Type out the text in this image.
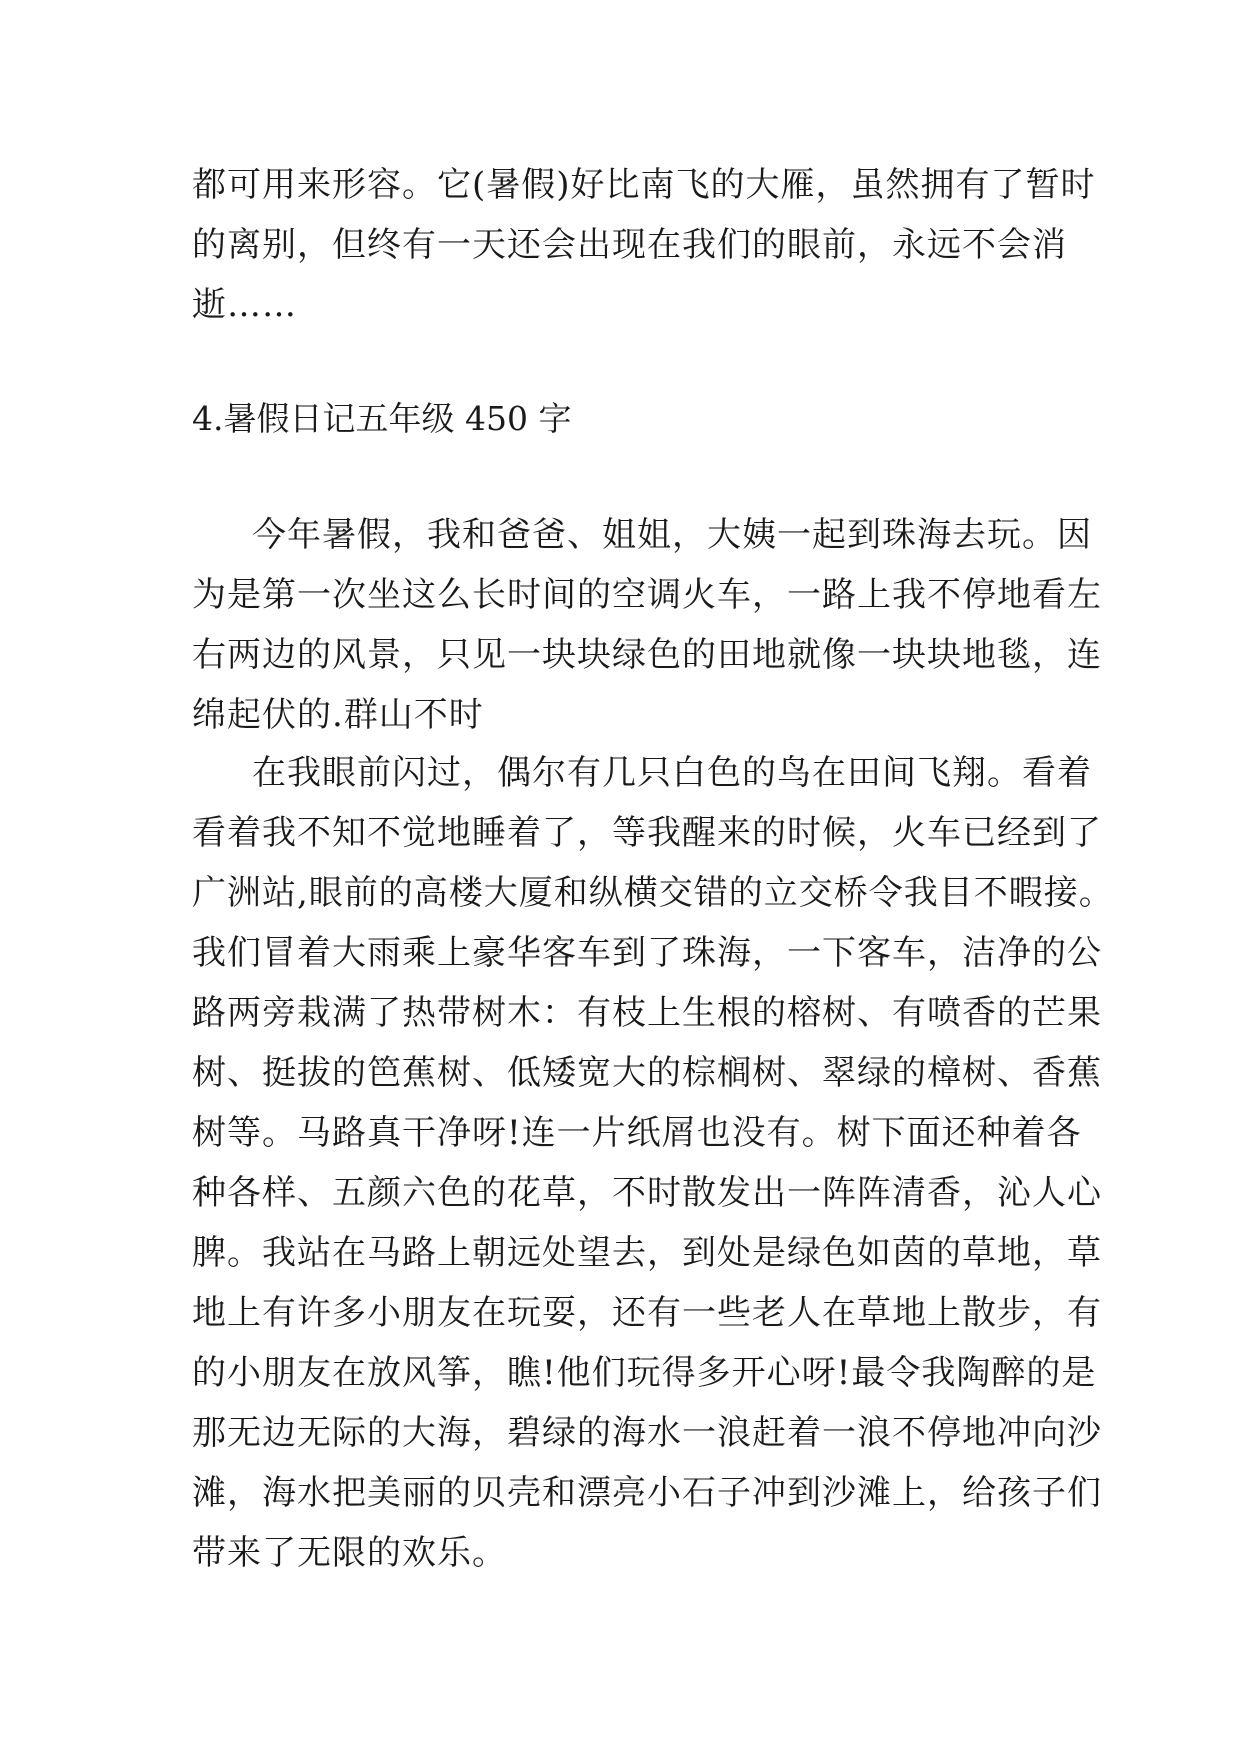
都可用来形容。它(暑假)好比南飞的大雁，虽然拥有了暂时
的离别，但终有一天还会出现在我们的眼前，永远不会消
逝……
4.暑假日记五年级 450 字
今年暑假，我和爸爸、姐姐，大姨一起到珠海去玩。因
为是第一次坐这么长时间的空调火车，一路上我不停地看左
右两边的风景，只见一块块绿色的田地就像一块块地毯，连
绵起伏的.群山不时
在我眼前闪过，偶尔有几只白色的鸟在田间飞翔。看着
看着我不知不觉地睡着了，等我醒来的时候，火车已经到了
广洲站,眼前的高楼大厦和纵横交错的立交桥令我目不暇接。
我们冒着大雨乘上豪华客车到了珠海，一下客车，洁净的公
路两旁栽满了热带树木：有枝上生根的榕树、有喷香的芒果
树、挺拔的笆蕉树、低矮宽大的棕榈树、翠绿的樟树、香蕉
树等。马路真干净呀!连一片纸屑也没有。树下面还种着各
种各样、五颜六色的花草，不时散发出一阵阵清香，沁人心
脾。我站在马路上朝远处望去，到处是绿色如茵的草地，草
地上有许多小朋友在玩耍，还有一些老人在草地上散步，有
的小朋友在放风筝，瞧!他们玩得多开心呀!最令我陶醉的是
那无边无际的大海，碧绿的海水一浪赶着一浪不停地冲向沙
滩，海水把美丽的贝壳和漂亮小石子冲到沙滩上，给孩子们
带来了无限的欢乐。
